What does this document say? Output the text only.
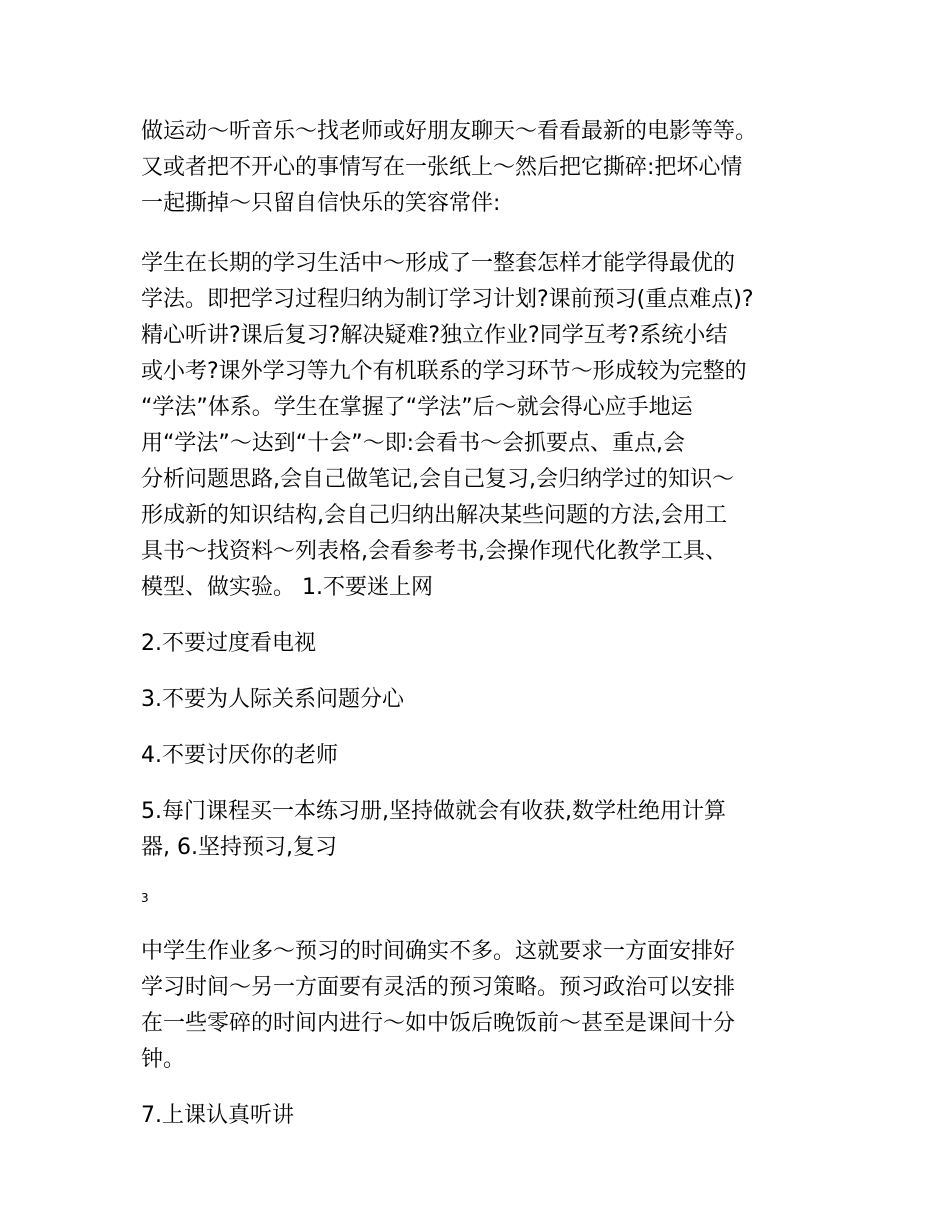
做运动～听音乐～找老师或好朋友聊天～看看最新的电影等等。
又或者把不开心的事情写在一张纸上～然后把它撕碎:把坏心情
一起撕掉～只留自信快乐的笑容常伴:

学生在长期的学习生活中～形成了一整套怎样才能学得最优的
学法。即把学习过程归纳为制订学习计划?课前预习(重点难点)?
精心听讲?课后复习?解决疑难?独立作业?同学互考?系统小结
或小考?课外学习等九个有机联系的学习环节～形成较为完整的
“学法”体系。学生在掌握了“学法”后～就会得心应手地运
用“学法”～达到“十会”～即:会看书～会抓要点、重点,会
分析问题思路,会自己做笔记,会自己复习,会归纳学过的知识～
形成新的知识结构,会自己归纳出解决某些问题的方法,会用工
具书～找资料～列表格,会看参考书,会操作现代化教学工具、
模型、做实验。 1.不要迷上网

2.不要过度看电视

3.不要为人际关系问题分心

4.不要讨厌你的老师

5.每门课程买一本练习册,坚持做就会有收获,数学杜绝用计算
器, 6.坚持预习,复习

3

中学生作业多～预习的时间确实不多。这就要求一方面安排好
学习时间～另一方面要有灵活的预习策略。预习政治可以安排
在一些零碎的时间内进行～如中饭后晚饭前～甚至是课间十分
钟。

7.上课认真听讲
